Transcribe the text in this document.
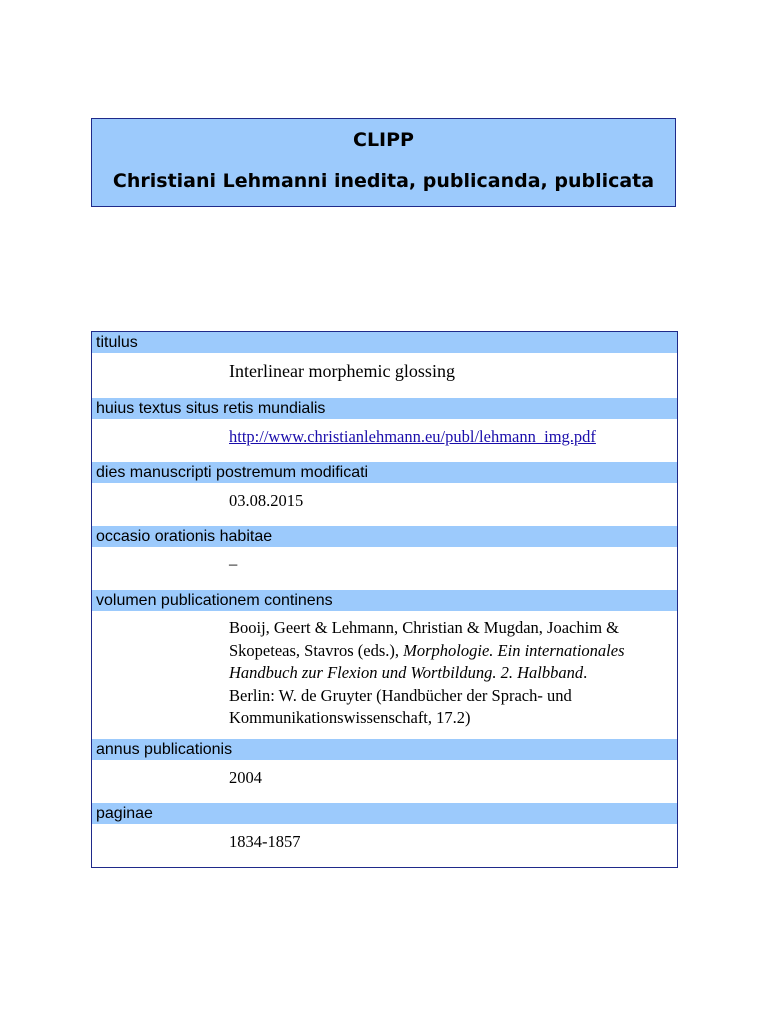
CLIPP
Christiani Lehmanni inedita, publicanda, publicata
titulus
Interlinear morphemic glossing
huius textus situs retis mundialis
http://www.christianlehmann.eu/publ/lehmann_img.pdf
dies manuscripti postremum modificati
03.08.2015
occasio orationis habitae
–
volumen publicationem continens
Booij, Geert & Lehmann, Christian & Mugdan, Joachim &
Skopeteas, Stavros (eds.), Morphologie. Ein internationales
Handbuch zur Flexion und Wortbildung. 2. Halbband.
Berlin: W. de Gruyter (Handbücher der Sprach- und
Kommunikationswissenschaft, 17.2)
annus publicationis
2004
paginae
1834-1857
